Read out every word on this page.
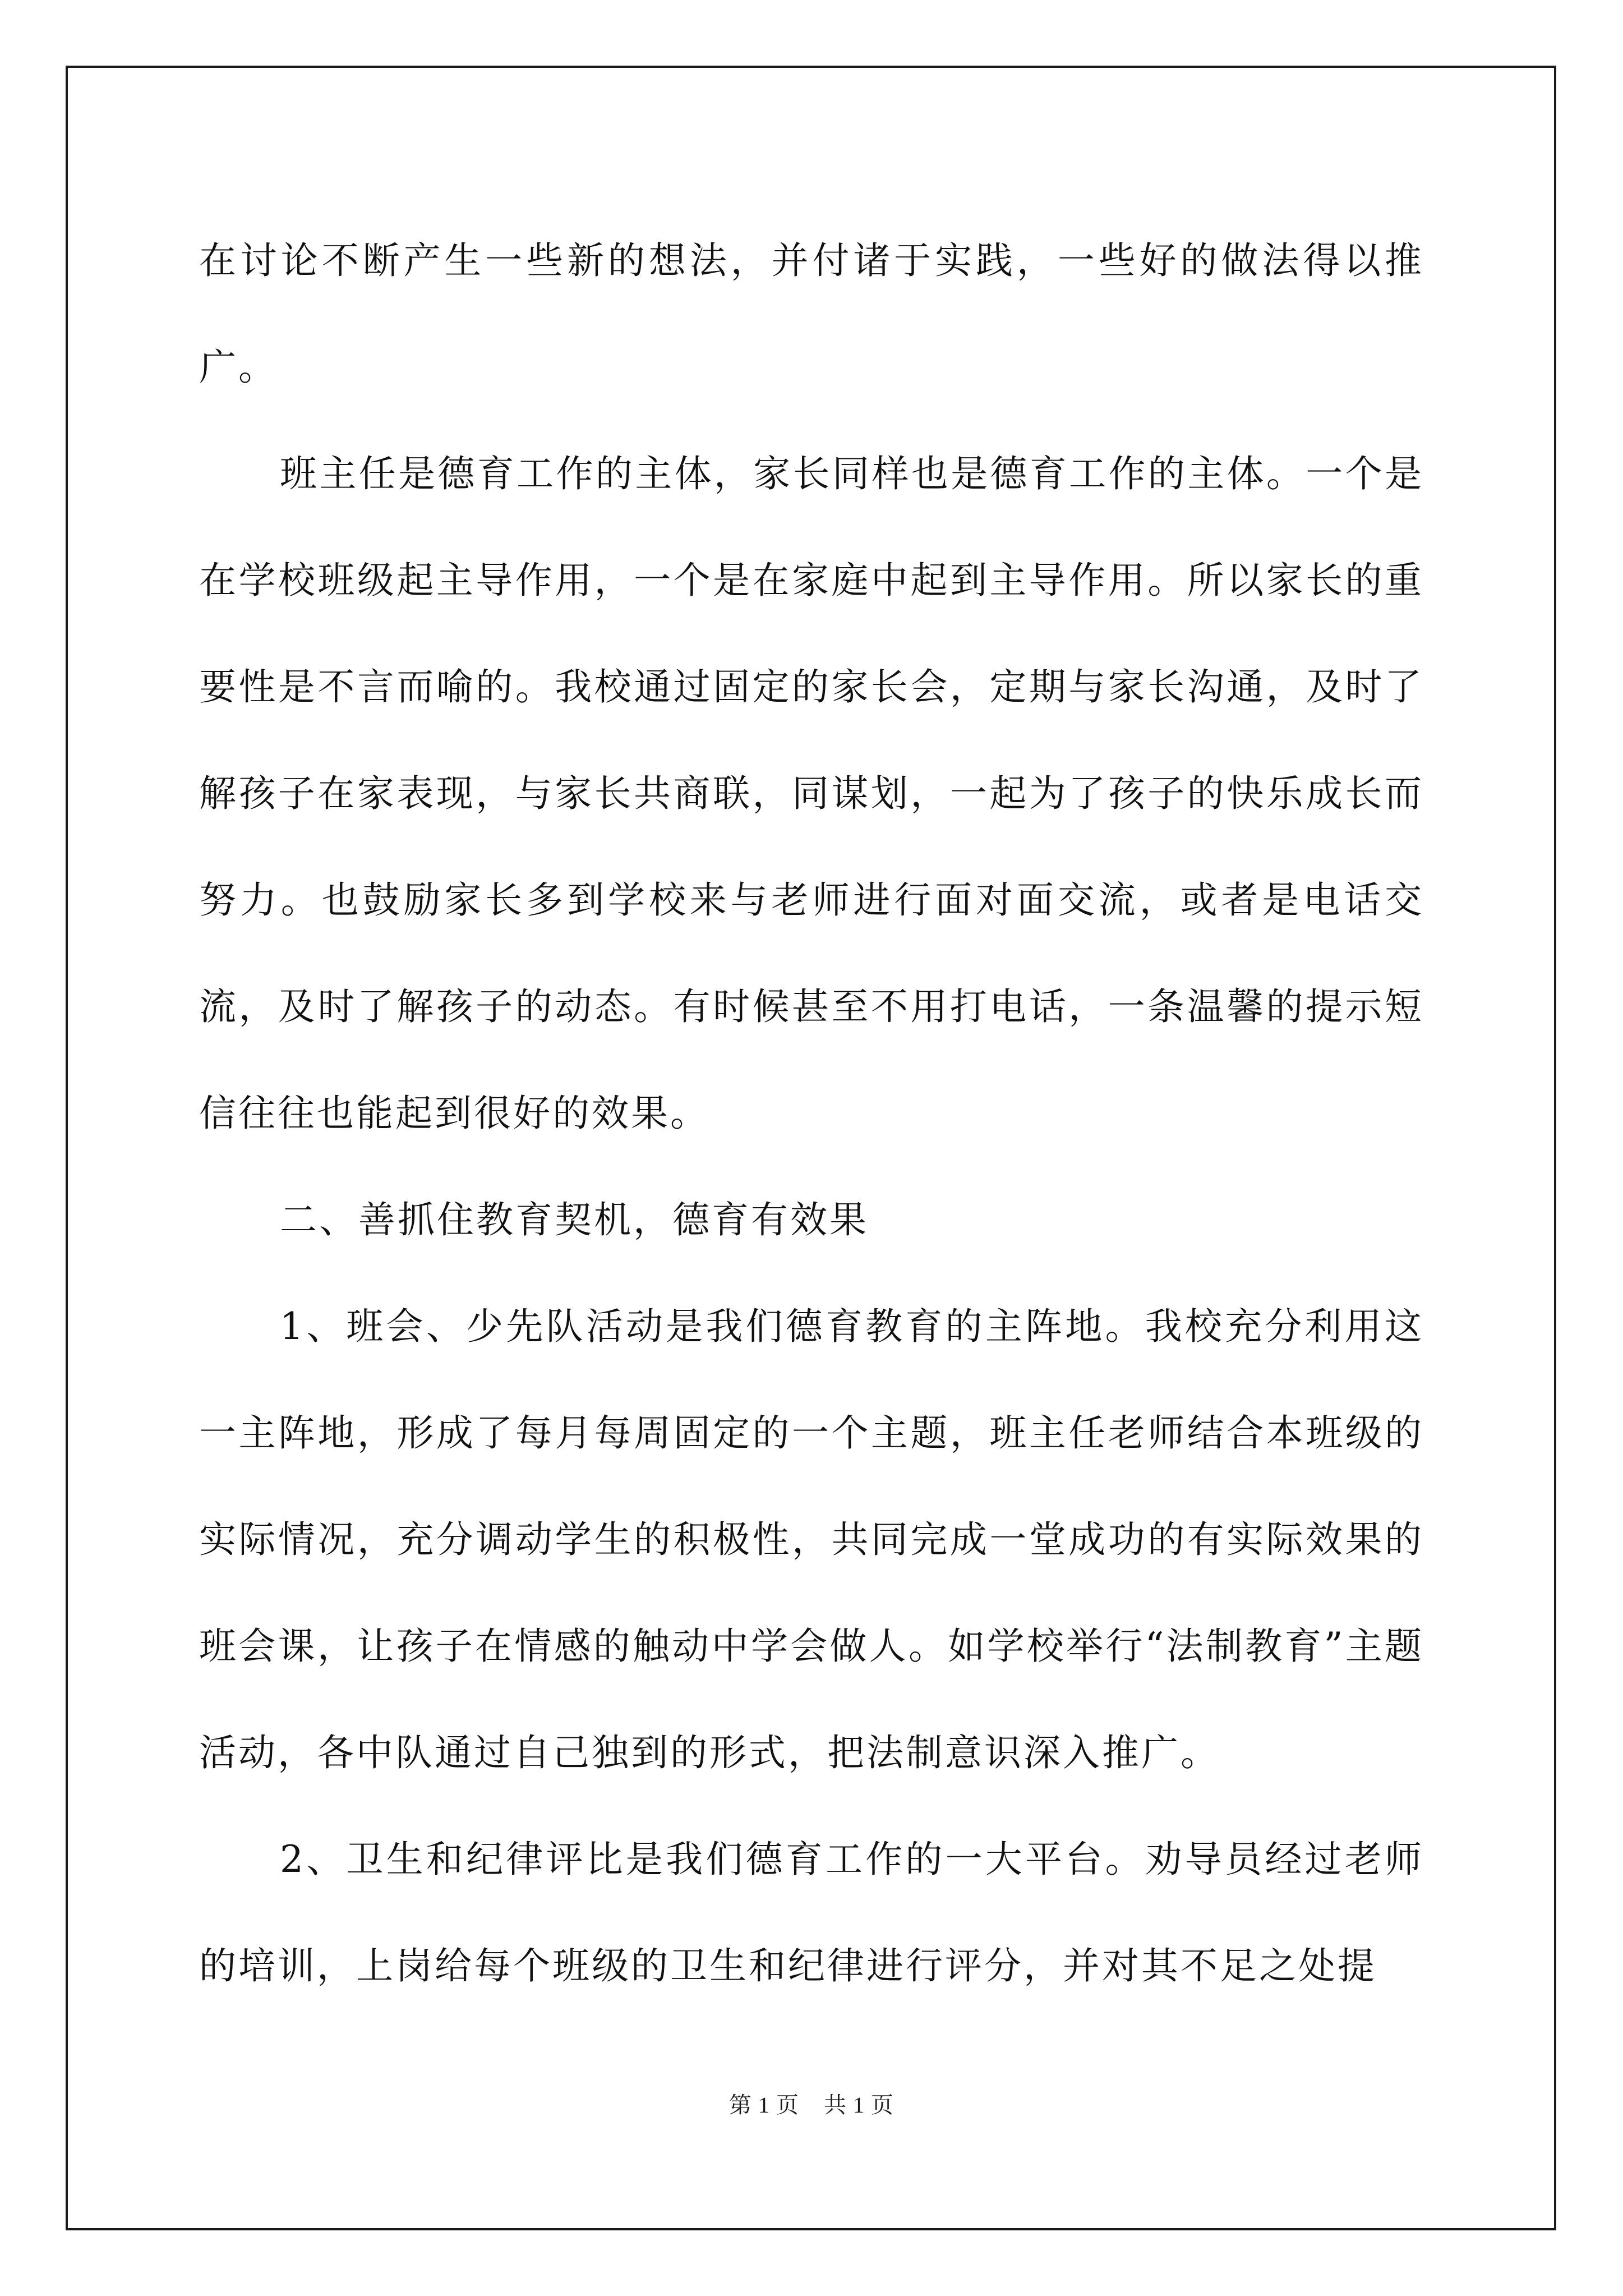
在讨论不断产生一些新的想法，并付诸于实践，一些好的做法得以推广。

班主任是德育工作的主体，家长同样也是德育工作的主体。一个是在学校班级起主导作用，一个是在家庭中起到主导作用。所以家长的重要性是不言而喻的。我校通过固定的家长会，定期与家长沟通，及时了解孩子在家表现，与家长共商联，同谋划，一起为了孩子的快乐成长而努力。也鼓励家长多到学校来与老师进行面对面交流，或者是电话交流，及时了解孩子的动态。有时候甚至不用打电话，一条温馨的提示短信往往也能起到很好的效果。

二、善抓住教育契机，德育有效果

1、班会、少先队活动是我们德育教育的主阵地。我校充分利用这一主阵地，形成了每月每周固定的一个主题，班主任老师结合本班级的实际情况，充分调动学生的积极性，共同完成一堂成功的有实际效果的班会课，让孩子在情感的触动中学会做人。如学校举行“法制教育”主题活动，各中队通过自己独到的形式，把法制意识深入推广。

2、卫生和纪律评比是我们德育工作的一大平台。劝导员经过老师的培训，上岗给每个班级的卫生和纪律进行评分，并对其不足之处提

第 1 页    共 1 页
